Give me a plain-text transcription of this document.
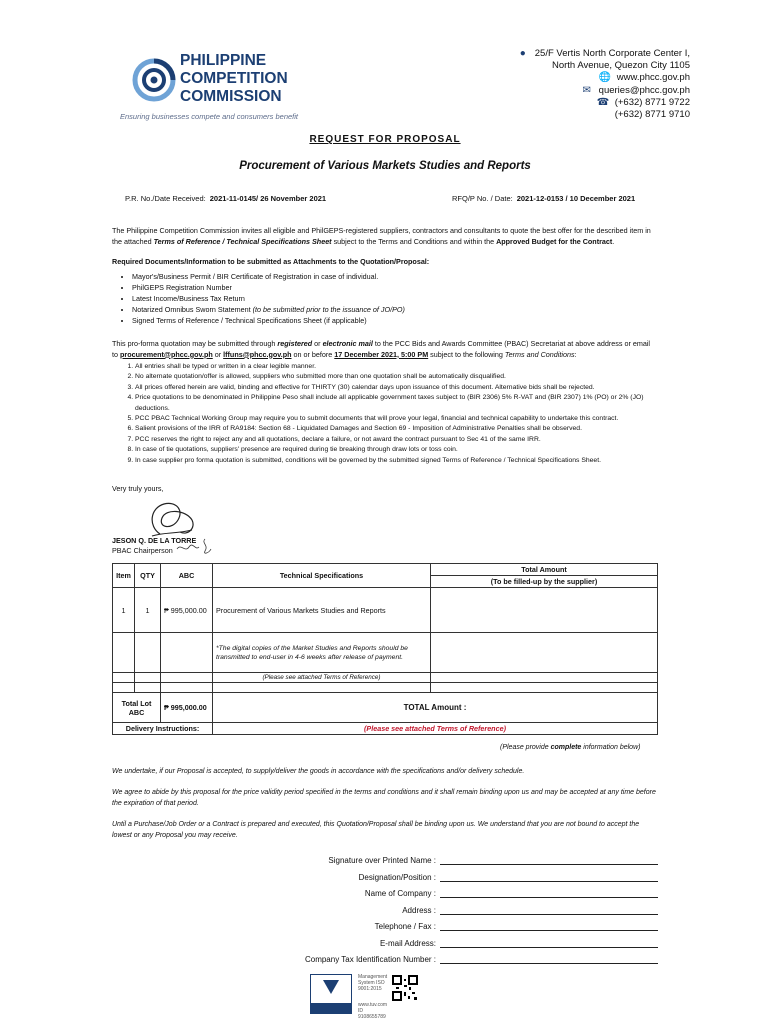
PHILIPPINE
COMPETITION
COMMISSION
Ensuring businesses compete and consumers benefit
● 25/F Vertis North Corporate Center I,
North Avenue, Quezon City 1105
🌐 www.phcc.gov.ph
✉ queries@phcc.gov.ph
☎ (+632) 8771 9722
(+632) 8771 9710
REQUEST FOR PROPOSAL
Procurement of Various Markets Studies and Reports
P.R. No./Date Received: 2021-11-0145/ 26 November 2021	RFQ/P No. / Date: 2021-12-0153 / 10 December 2021
The Philippine Competition Commission invites all eligible and PhilGEPS-registered suppliers, contractors and consultants to quote the best offer for the described item in the attached Terms of Reference / Technical Specifications Sheet subject to the Terms and Conditions and within the Approved Budget for the Contract.
Required Documents/Information to be submitted as Attachments to the Quotation/Proposal:
• Mayor's/Business Permit / BIR Certificate of Registration in case of individual.
• PhilGEPS Registration Number
• Latest Income/Business Tax Return
• Notarized Omnibus Sworn Statement (to be submitted prior to the issuance of JO/PO)
• Signed Terms of Reference / Technical Specifications Sheet (if applicable)
This pro-forma quotation may be submitted through registered or electronic mail to the PCC Bids and Awards Committee (PBAC) Secretariat at above address or email to procurement@phcc.gov.ph or lffuns@phcc.gov.ph on or before 17 December 2021, 5:00 PM subject to the following Terms and Conditions:
1. All entries shall be typed or written in a clear legible manner.
2. No alternate quotation/offer is allowed, suppliers who submitted more than one quotation shall be automatically disqualified.
3. All prices offered herein are valid, binding and effective for THIRTY (30) calendar days upon issuance of this document. Alternative bids shall be rejected.
4. Price quotations to be denominated in Philippine Peso shall include all applicable government taxes subject to (BIR 2306) 5% R-VAT and (BIR 2307) 1% (PO) or 2% (JO) deductions.
5. PCC PBAC Technical Working Group may require you to submit documents that will prove your legal, financial and technical capability to undertake this contract.
6. Salient provisions of the IRR of RA9184: Section 68 - Liquidated Damages and Section 69 - Imposition of Administrative Penalties shall be observed.
7. PCC reserves the right to reject any and all quotations, declare a failure, or not award the contract pursuant to Sec 41 of the same IRR.
8. In case of tie quotations, suppliers' presence are required during tie breaking through draw lots or toss coin.
9. In case supplier pro forma quotation is submitted, conditions will be governed by the submitted signed Terms of Reference / Technical Specifications Sheet.
Very truly yours,
JESON Q. DE LA TORRE
PBAC Chairperson
Item	QTY	ABC	Technical Specifications	Total Amount
				(To be filled-up by the supplier)
1	1	₱ 995,000.00	Procurement of Various Markets Studies and Reports	
			*The digital copies of the Market Studies and Reports should be transmitted to end-user in 4-6 weeks after release of payment.	
			(Please see attached Terms of Reference)	

Total Lot ABC		₱ 995,000.00	TOTAL Amount :	
Delivery Instructions:			(Please see attached Terms of Reference)	
(Please provide complete information below)
We undertake, if our Proposal is accepted, to supply/deliver the goods in accordance with the specifications and/or delivery schedule.
We agree to abide by this proposal for the price validity period specified in the terms and conditions and it shall remain binding upon us and may be accepted at any time before the expiration of that period.
Until a Purchase/Job Order or a Contract is prepared and executed, this Quotation/Proposal shall be binding upon us. We understand that you are not bound to accept the lowest or any Proposal you may receive.
Signature over Printed Name :
Designation/Position :
Name of Company :
Address :
Telephone / Fax :
E-mail Address:
Company Tax Identification Number :
Management System ISO 9001:2015
www.tuv.com ID 9108655789
